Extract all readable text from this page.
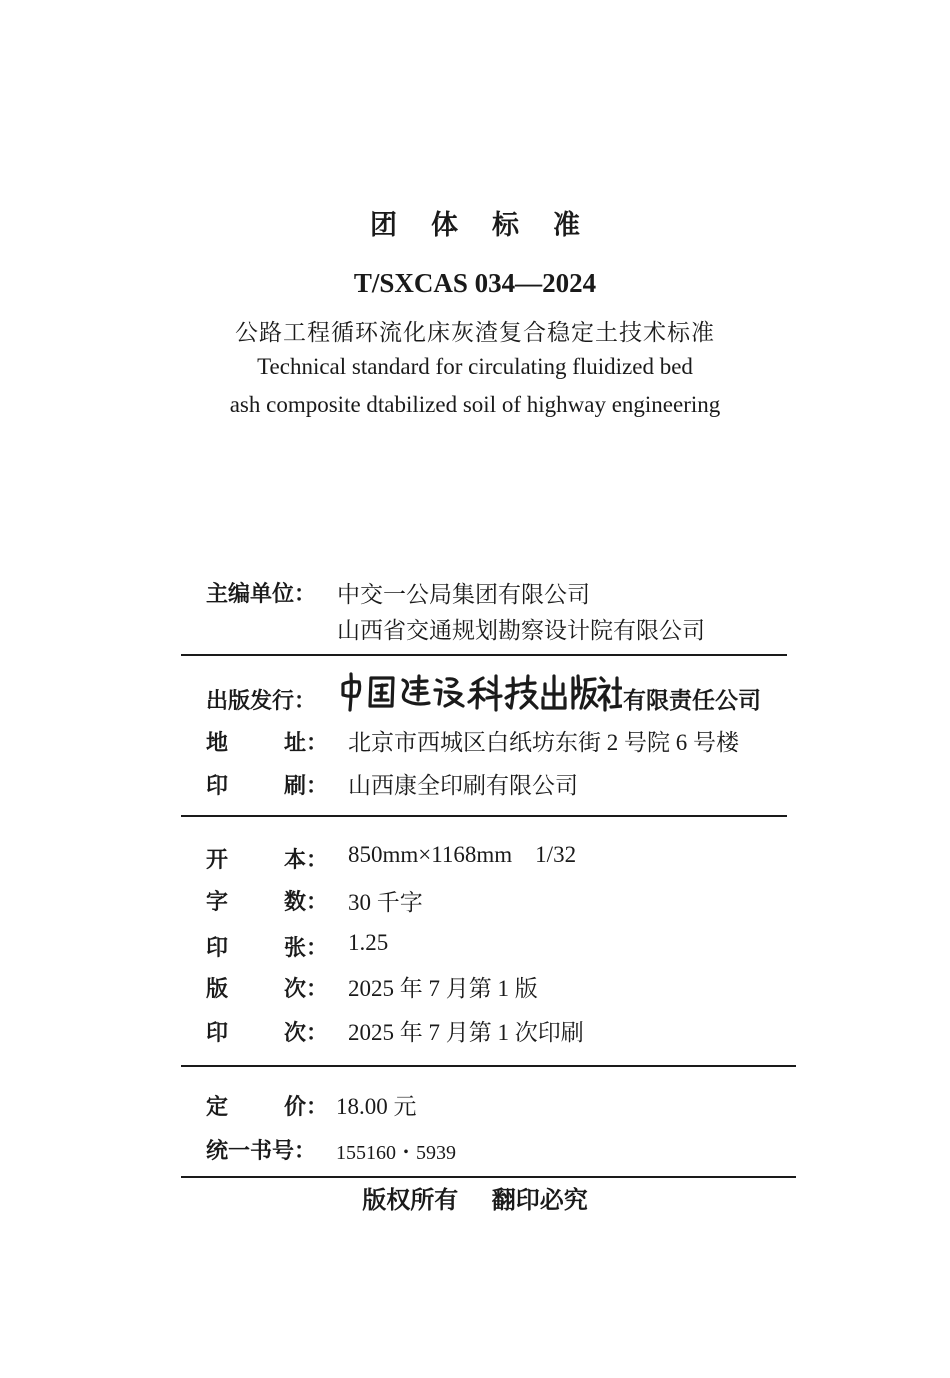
团体标准
T/SXCAS 034—2024
公路工程循环流化床灰渣复合稳定土技术标准
Technical standard for circulating fluidized bed
ash composite dtabilized soil of highway engineering
主编单位： 中交一公局集团有限公司
山西省交通规划勘察设计院有限公司
出版发行：	有限责任公司
地	址： 北京市西城区白纸坊东街 2 号院 6 号楼
印	刷： 山西康全印刷有限公司
开	本： 850mm×1168mm    1/32
字	数： 30 千字
印	张： 1.25
版	次： 2025 年 7 月第 1 版
印	次： 2025 年 7 月第 1 次印刷
定	价： 18.00 元
统一书号： 155160・5939
版权所有    翻印必究
